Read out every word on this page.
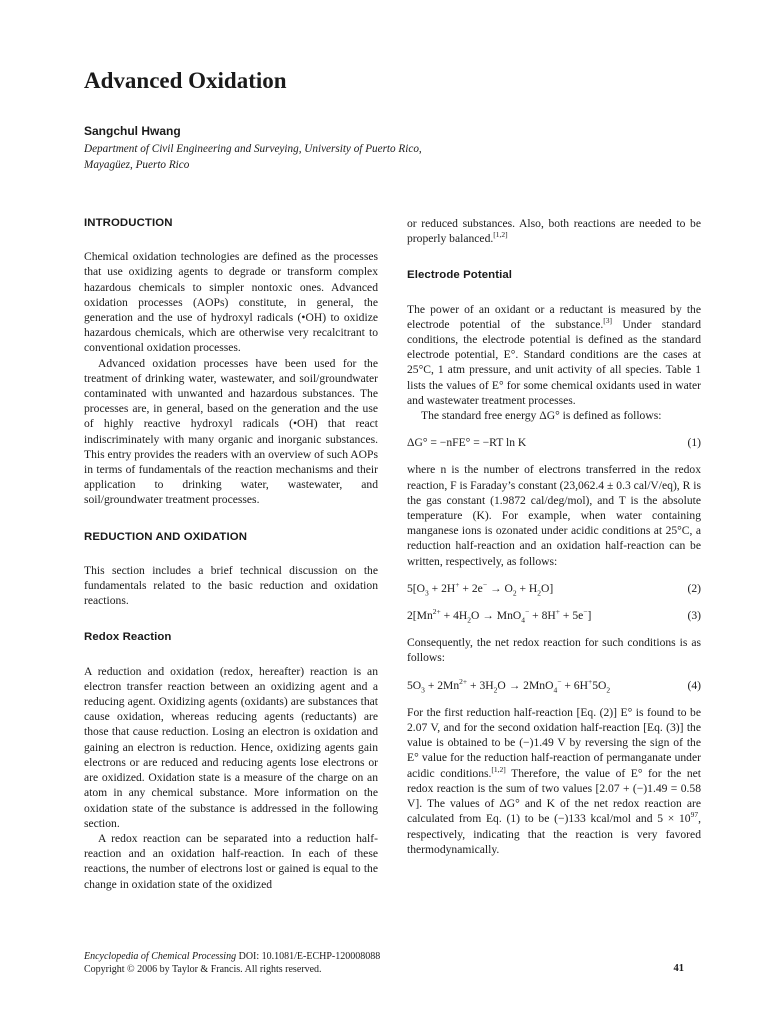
Advanced Oxidation

Sangchul Hwang

Department of Civil Engineering and Surveying, University of Puerto Rico,
Mayagüez, Puerto Rico
INTRODUCTION

Chemical oxidation technologies are defined as the processes that use oxidizing agents to degrade or transform complex hazardous chemicals to simpler nontoxic ones. Advanced oxidation processes (AOPs) constitute, in general, the generation and the use of hydroxyl radicals (•OH) to oxidize hazardous chemicals, which are otherwise very recalcitrant to conventional oxidation processes.

Advanced oxidation processes have been used for the treatment of drinking water, wastewater, and soil/groundwater contaminated with unwanted and hazardous substances. The processes are, in general, based on the generation and the use of highly reactive hydroxyl radicals (•OH) that react indiscriminately with many organic and inorganic substances. This entry provides the readers with an overview of such AOPs in terms of fundamentals of the reaction mechanisms and their application to drinking water, wastewater, and soil/groundwater treatment processes.

REDUCTION AND OXIDATION

This section includes a brief technical discussion on the fundamentals related to the basic reduction and oxidation reactions.

Redox Reaction

A reduction and oxidation (redox, hereafter) reaction is an electron transfer reaction between an oxidizing agent and a reducing agent. Oxidizing agents (oxidants) are substances that cause oxidation, whereas reducing agents (reductants) are those that cause reduction. Losing an electron is oxidation and gaining an electron is reduction. Hence, oxidizing agents gain electrons or are reduced and reducing agents lose electrons or are oxidized. Oxidation state is a measure of the charge on an atom in any chemical substance. More information on the oxidation state of the substance is addressed in the following section.

A redox reaction can be separated into a reduction half-reaction and an oxidation half-reaction. In each of these reactions, the number of electrons lost or gained is equal to the change in oxidation state of the oxidized

or reduced substances. Also, both reactions are needed to be properly balanced.[1,2]

Electrode Potential

The power of an oxidant or a reductant is measured by the electrode potential of the substance.[3] Under standard conditions, the electrode potential is defined as the standard electrode potential, E°. Standard conditions are the cases at 25°C, 1 atm pressure, and unit activity of all species. Table 1 lists the values of E° for some chemical oxidants used in water and wastewater treatment processes.

The standard free energy ΔG° is defined as follows:

ΔG° = −nFE° = −RT ln K	(1)

where n is the number of electrons transferred in the redox reaction, F is Faraday’s constant (23,062.4 ± 0.3 cal/V/eq), R is the gas constant (1.9872 cal/deg/mol), and T is the absolute temperature (K). For example, when water containing manganese ions is ozonated under acidic conditions at 25°C, a reduction half-reaction and an oxidation half-reaction can be written, respectively, as follows:

$5[O_3 + 2H^+ + 2e^- \to O_2 + H_2O]$	(2)
$2[Mn^{2+} + 4H_2O \to MnO_4^- + 8H^+ + 5e^-]$	(3)

Consequently, the net redox reaction for such conditions is as follows:

$5O_3 + 2Mn^{2+} + 3H_2O \to 2MnO_4^- + 6H^+5O_2$	(4)

For the first reduction half-reaction [Eq. (2)] E° is found to be 2.07 V, and for the second oxidation half-reaction [Eq. (3)] the value is obtained to be (−)1.49 V by reversing the sign of the E° value for the reduction half-reaction of permanganate under acidic conditions.[1,2] Therefore, the value of E° for the net redox reaction is the sum of two values [2.07 + (−)1.49 = 0.58 V]. The values of ΔG° and K of the net redox reaction are calculated from Eq. (1) to be (−)133 kcal/mol and $5 \times 10^{97}$, respectively, indicating that the reaction is very favored thermodynamically.

Encyclopedia of Chemical Processing DOI: 10.1081/E-ECHP-120008088
Copyright © 2006 by Taylor & Francis. All rights reserved.	41
